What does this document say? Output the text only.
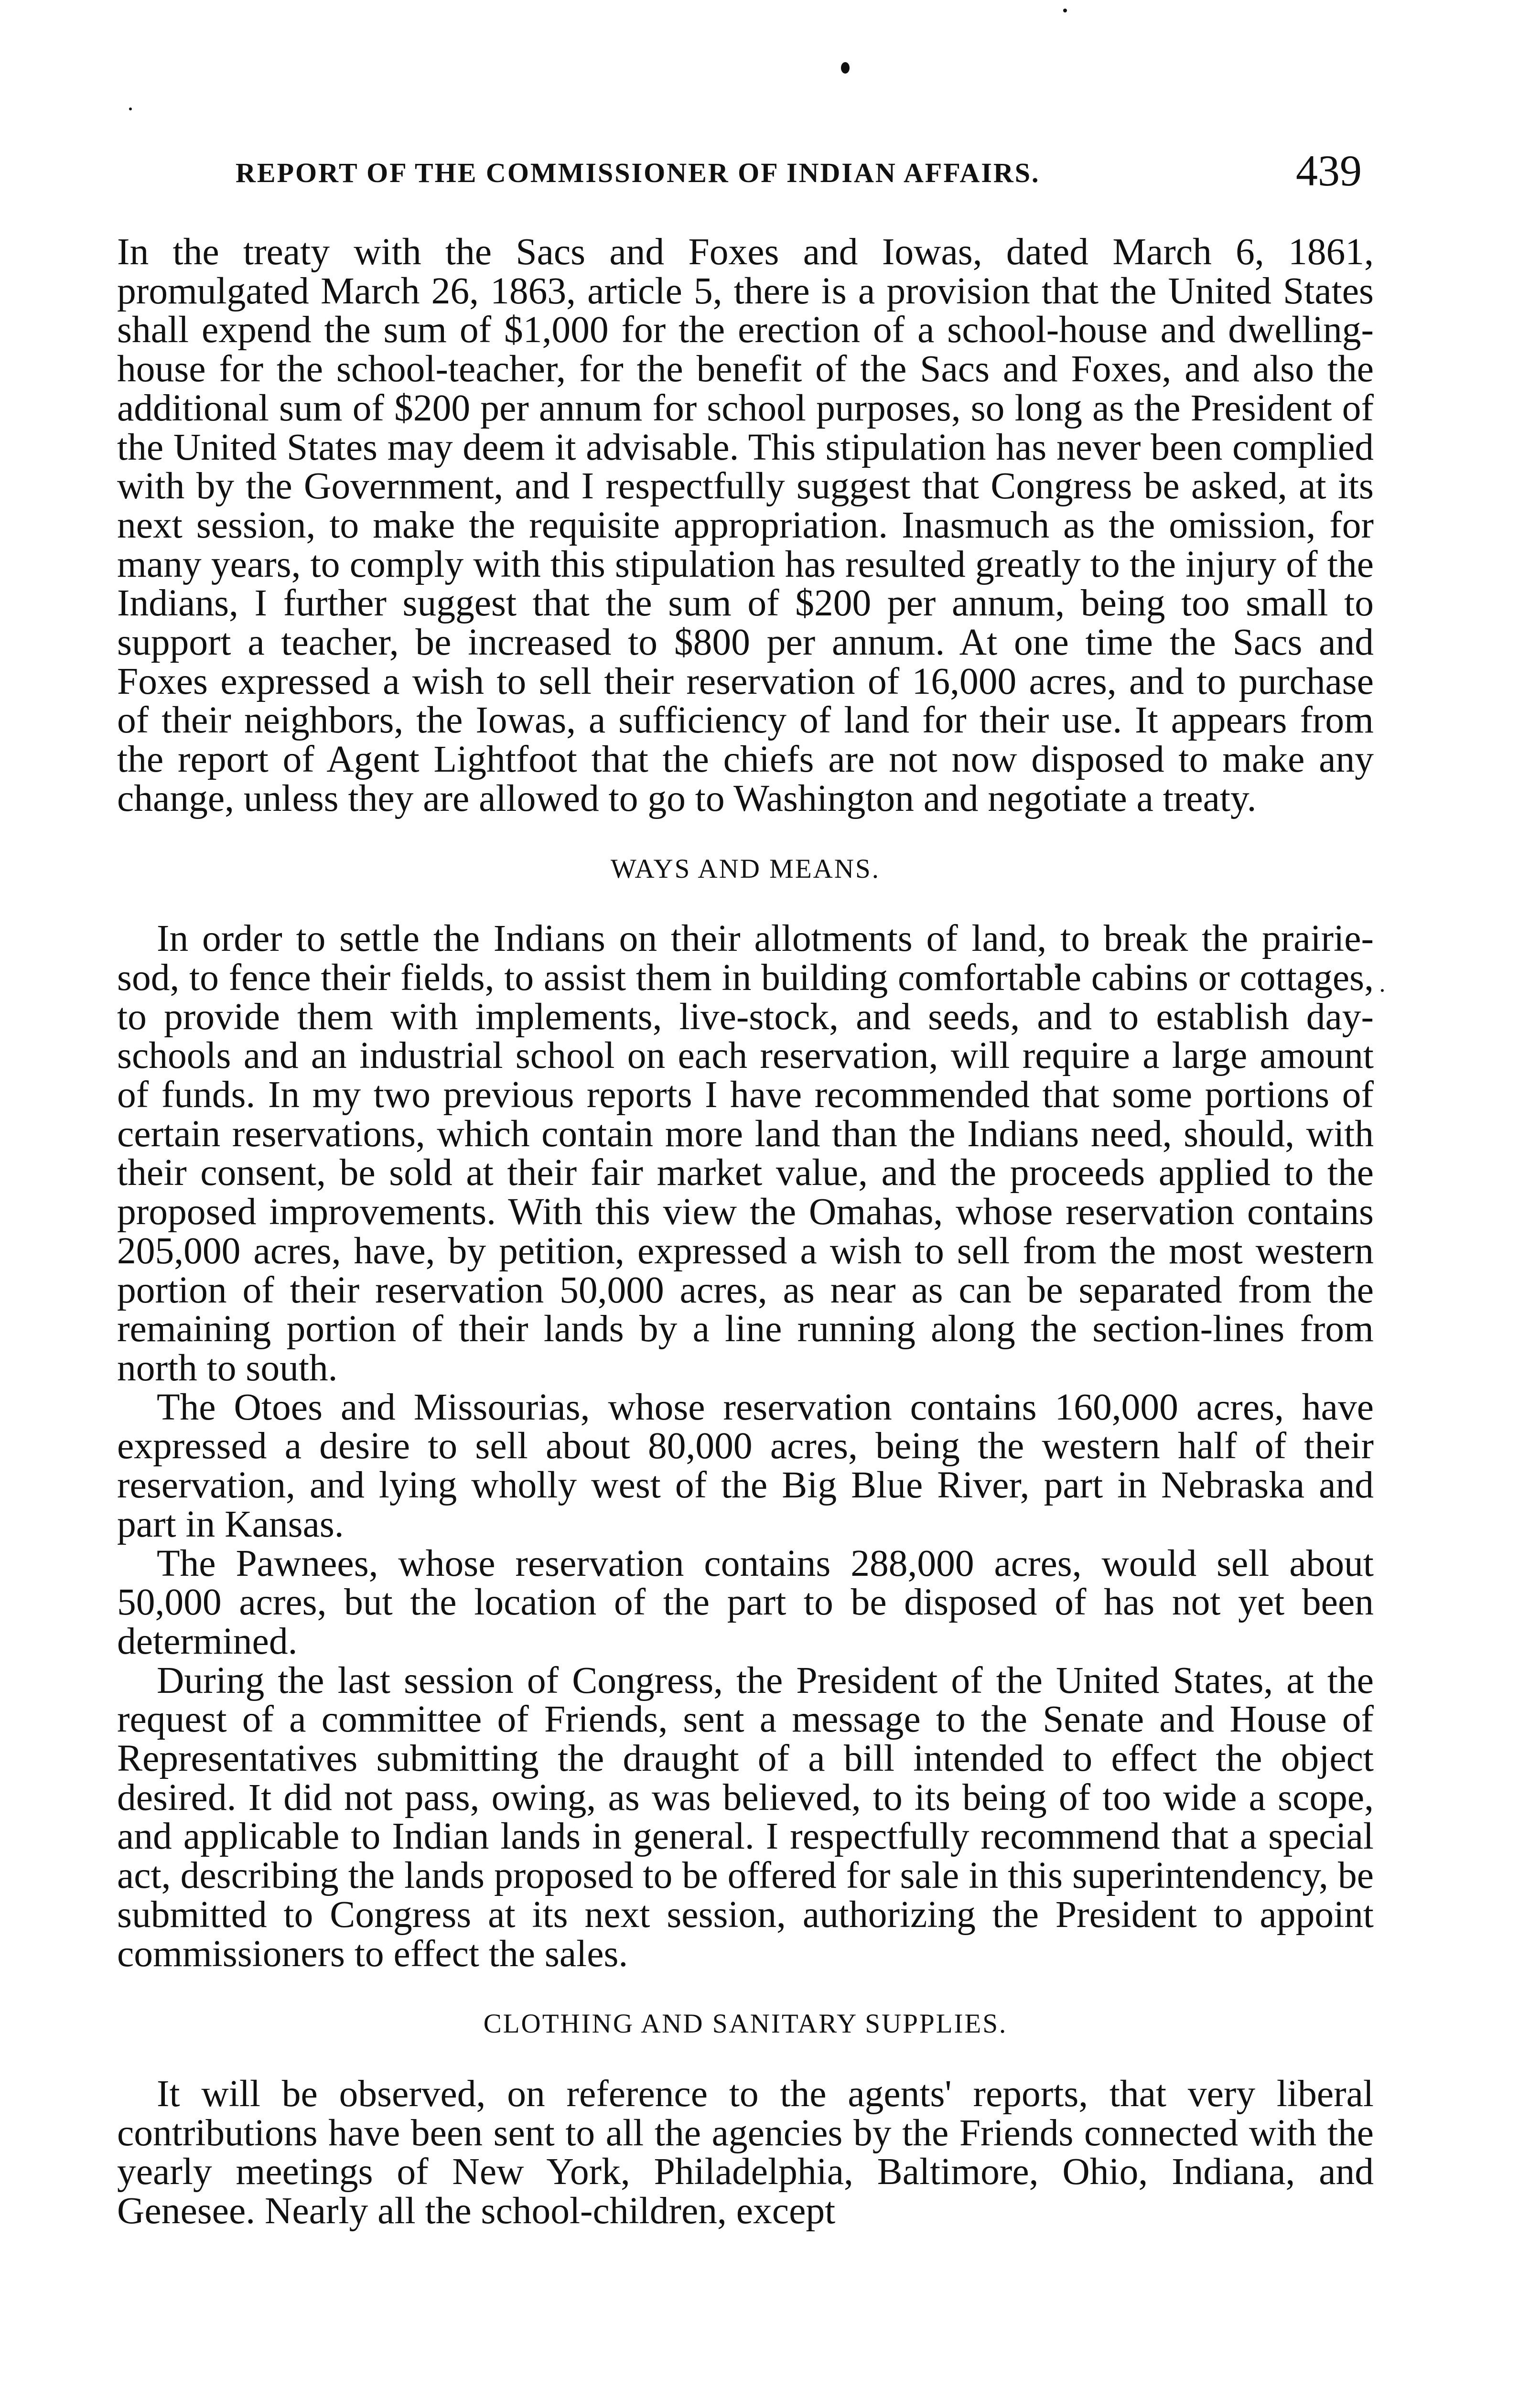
REPORT OF THE COMMISSIONER OF INDIAN AFFAIRS.	439

In the treaty with the Sacs and Foxes and Iowas, dated March 6, 1861, promulgated March 26, 1863, article 5, there is a provision that the United States shall expend the sum of $1,000 for the erection of a school-house and dwelling-house for the school-teacher, for the benefit of the Sacs and Foxes, and also the additional sum of $200 per annum for school purposes, so long as the President of the United States may deem it advisable. This stipulation has never been complied with by the Government, and I respectfully suggest that Congress be asked, at its next session, to make the requisite appropriation. Inasmuch as the omission, for many years, to comply with this stipulation has resulted greatly to the injury of the Indians, I further suggest that the sum of $200 per annum, being too small to support a teacher, be increased to $800 per annum. At one time the Sacs and Foxes expressed a wish to sell their reservation of 16,000 acres, and to purchase of their neighbors, the Iowas, a sufficiency of land for their use. It appears from the report of Agent Lightfoot that the chiefs are not now disposed to make any change, unless they are allowed to go to Washington and negotiate a treaty.

WAYS AND MEANS.

In order to settle the Indians on their allotments of land, to break the prairie-sod, to fence their fields, to assist them in building comfortable cabins or cottages, to provide them with implements, live-stock, and seeds, and to establish day-schools and an industrial school on each reservation, will require a large amount of funds. In my two previous reports I have recommended that some portions of certain reservations, which contain more land than the Indians need, should, with their consent, be sold at their fair market value, and the proceeds applied to the proposed improvements. With this view the Omahas, whose reservation contains 205,000 acres, have, by petition, expressed a wish to sell from the most western portion of their reservation 50,000 acres, as near as can be separated from the remaining portion of their lands by a line running along the section-lines from north to south.

The Otoes and Missourias, whose reservation contains 160,000 acres, have expressed a desire to sell about 80,000 acres, being the western half of their reservation, and lying wholly west of the Big Blue River, part in Nebraska and part in Kansas.

The Pawnees, whose reservation contains 288,000 acres, would sell about 50,000 acres, but the location of the part to be disposed of has not yet been determined.

During the last session of Congress, the President of the United States, at the request of a committee of Friends, sent a message to the Senate and House of Representatives submitting the draught of a bill intended to effect the object desired. It did not pass, owing, as was believed, to its being of too wide a scope, and applicable to Indian lands in general. I respectfully recommend that a special act, describing the lands proposed to be offered for sale in this superintendency, be submitted to Congress at its next session, authorizing the President to appoint commissioners to effect the sales.

CLOTHING AND SANITARY SUPPLIES.

It will be observed, on reference to the agents' reports, that very liberal contributions have been sent to all the agencies by the Friends connected with the yearly meetings of New York, Philadelphia, Baltimore, Ohio, Indiana, and Genesee. Nearly all the school-children, except
